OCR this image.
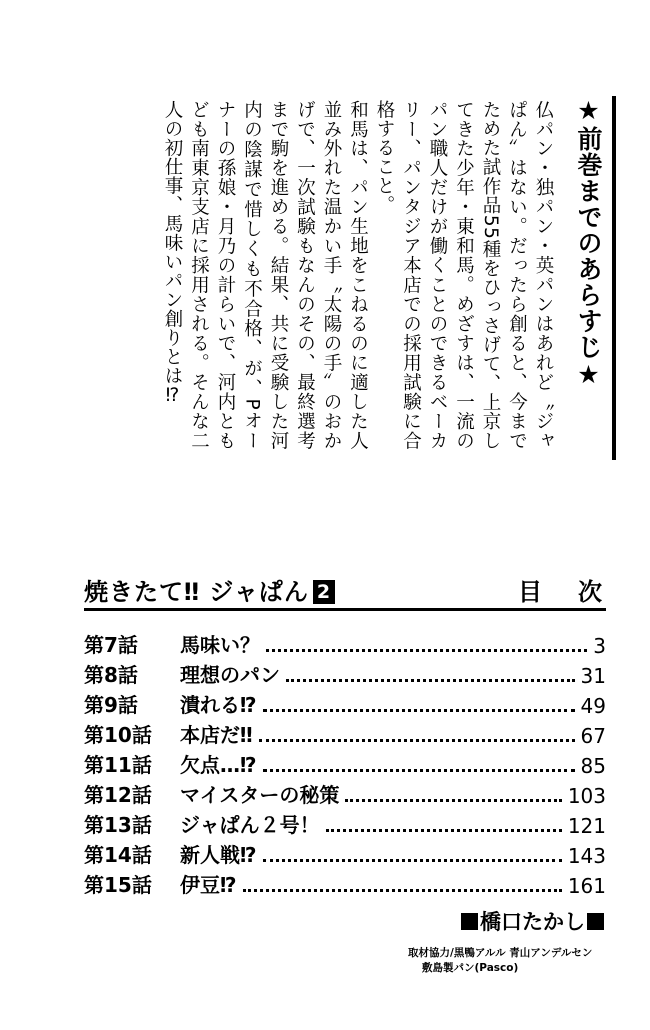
★前巻までのあらすじ★

仏パン・独パン・英パンはあれど〝ジャぱん〟はない。だったら創ると、今までためた試作品55種をひっさげて、上京してきた少年・東和馬。めざすは、一流のパン職人だけが働くことのできるベーカリー、パンタジア本店での採用試験に合格すること。

和馬は、パン生地をこねるのに適した人並み外れた温かい手〝太陽の手〟のおかげで、一次試験もなんのその、最終選考まで駒を進める。結果、共に受験した河内の陰謀で惜しくも不合格、が、Pオーナーの孫娘・月乃の計らいで、河内ともども南東京支店に採用される。そんな二人の初仕事、馬味いパン創りとは⁉

焼きたて‼ ジャぱん 2	目次
第7話	馬味い？	3
第8話	理想のパン	31
第9話	潰れる⁉	49
第10話	本店だ‼	67
第11話	欠点…⁉	85
第12話	マイスターの秘策	103
第13話	ジャぱん２号！	121
第14話	新人戦⁉	143
第15話	伊豆⁉	161
橋口たかし
取材協力/黒鴨アルル 青山アンデルセン
敷島製パン(Pasco)
